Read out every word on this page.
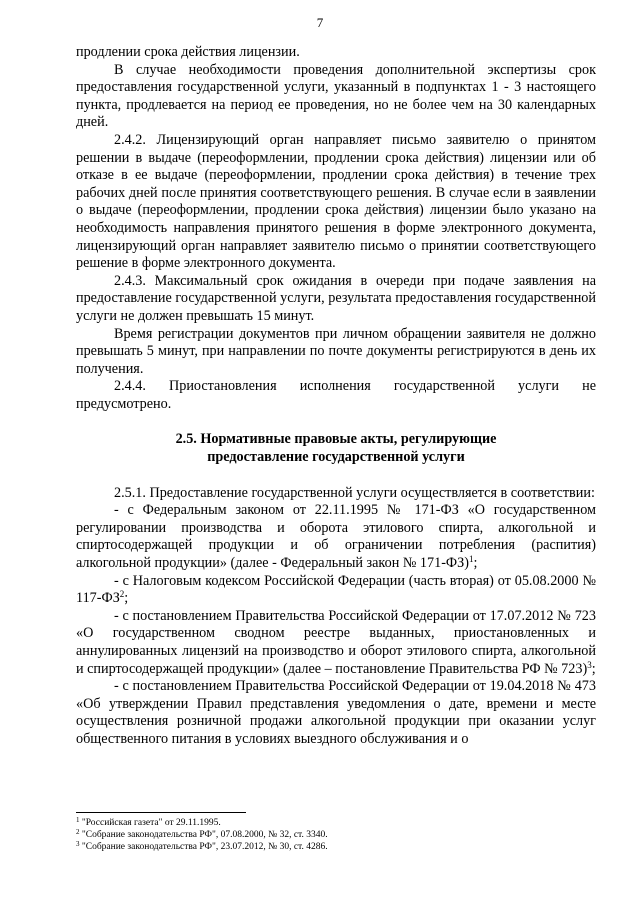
7

продлении срока действия лицензии.

В случае необходимости проведения дополнительной экспертизы срок предоставления государственной услуги, указанный в подпунктах 1 - 3 настоящего пункта, продлевается на период ее проведения, но не более чем на 30 календарных дней.

2.4.2. Лицензирующий орган направляет письмо заявителю о принятом решении в выдаче (переоформлении, продлении срока действия) лицензии или об отказе в ее выдаче (переоформлении, продлении срока действия) в течение трех рабочих дней после принятия соответствующего решения. В случае если в заявлении о выдаче (переоформлении, продлении срока действия) лицензии было указано на необходимость направления принятого решения в форме электронного документа, лицензирующий орган направляет заявителю письмо о принятии соответствующего решение в форме электронного документа.

2.4.3. Максимальный срок ожидания в очереди при подаче заявления на предоставление государственной услуги, результата предоставления государственной услуги не должен превышать 15 минут.

Время регистрации документов при личном обращении заявителя не должно превышать 5 минут, при направлении по почте документы регистрируются в день их получения.

2.4.4. Приостановления исполнения государственной услуги не предусмотрено.

2.5. Нормативные правовые акты, регулирующие
предоставление государственной услуги

2.5.1. Предоставление государственной услуги осуществляется в соответствии:

- с Федеральным законом от 22.11.1995 № 171-ФЗ «О государственном регулировании производства и оборота этилового спирта, алкогольной и спиртосодержащей продукции и об ограничении потребления (распития) алкогольной продукции» (далее - Федеральный закон № 171-ФЗ)$^1$;

- с Налоговым кодексом Российской Федерации (часть вторая) от 05.08.2000 № $117-ФЗ^2$;

- с постановлением Правительства Российской Федерации от 17.07.2012 № 723 «О государственном сводном реестре выданных, приостановленных и аннулированных лицензий на производство и оборот этилового спирта, алкогольной и спиртосодержащей продукции» (далее – постановление Правительства РФ № 723)$^3$;

- с постановлением Правительства Российской Федерации от 19.04.2018 № 473 «Об утверждении Правил представления уведомления о дате, времени и месте осуществления розничной продажи алкогольной продукции при оказании услуг общественного питания в условиях выездного обслуживания и о

$^1$ "Российская газета" от 29.11.1995.

$^2$ "Собрание законодательства РФ", 07.08.2000, № 32, ст. 3340.

$^3$ "Собрание законодательства РФ", 23.07.2012, № 30, ст. 4286.
